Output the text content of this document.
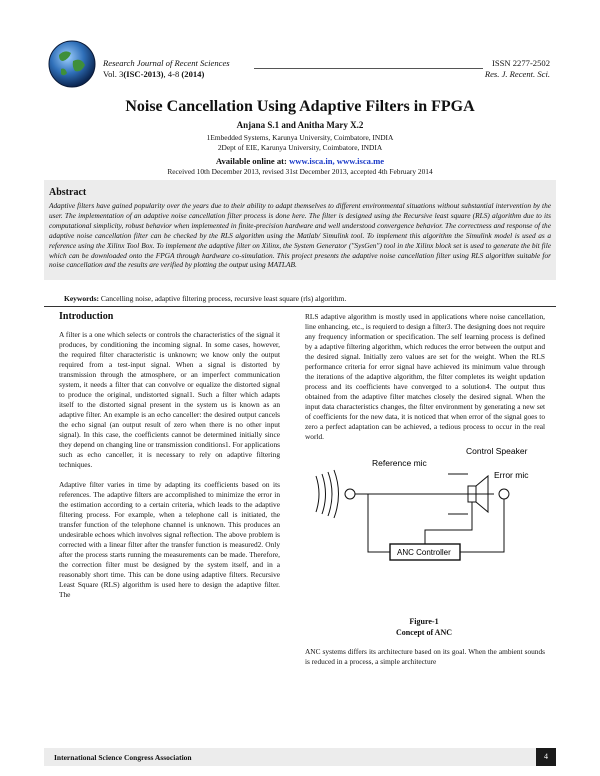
Research Journal of Recent Sciences
Vol. 3(ISC-2013), 4-8 (2014)
ISSN 2277-2502
Res. J. Recent. Sci.
Noise Cancellation Using Adaptive Filters in FPGA
Anjana S.1 and Anitha Mary X.2
1Embedded Systems, Karunya University, Coimbatore, INDIA
2Dept of EIE, Karunya University, Coimbatore, INDIA
Available online at: www.isca.in, www.isca.me
Received 10th December 2013, revised 31st December 2013, accepted 4th February 2014
Abstract

Adaptive filters have gained popularity over the years due to their ability to adapt themselves to different environmental situations without substantial intervention by the user. The implementation of an adaptive noise cancellation filter process is done here. The filter is designed using the Recursive least square (RLS) algorithm due to its computational simplicity, robust behavior when implemented in finite-precision hardware and well understood convergence behavior. The correctness and response of the adaptive noise cancellation filter can be checked by the RLS algorithm using the Matlab/ Simulink tool. To implement this algorithm the Simulink model is used as a reference using the Xilinx Tool Box. To implement the adaptive filter on Xilinx, the System Generator ("SysGen") tool in the Xilinx block set is used to generate the bit file which can be downloaded onto the FPGA through hardware co-simulation. This project presents the adaptive noise cancellation filter using RLS algorithm suitable for noise cancellation and the results are verified by plotting the output using MATLAB.

Keywords: Cancelling noise, adaptive filtering process, recursive least square (rls) algorithm.
Introduction

A filter is a one which selects or controls the characteristics of the signal it produces, by conditioning the incoming signal. In some cases, however, the required filter characteristic is unknown; we know only the output required from a test-input signal. When a signal is distorted by transmission through the atmosphere, or an imperfect communication system, it needs a filter that can convolve or equalize the distorted signal to produce the original, undistorted signal1. Such a filter which adapts itself to the distorted signal present in the system us is known as an adaptive filter. An example is an echo canceller: the desired output cancels the echo signal (an output result of zero when there is no other input signal). In this case, the coefficients cannot be determined initially since they depend on changing line or transmission conditions1. For applications such as echo canceller, it is necessary to rely on adaptive filtering techniques.

Adaptive filter varies in time by adapting its coefficients based on its references. The adaptive filters are accomplished to minimize the error in the estimation according to a certain criteria, which leads to the adaptive filtering process. For example, when a telephone call is initiated, the transfer function of the telephone channel is unknown. This produces an undesirable echoes which involves signal reflection. The above problem is corrected with a linear filter after the transfer function is measured2. Only after the process starts running the measurements can be made. Therefore, the correction filter must be designed by the system itself, and in a reasonably short time. This can be done using adaptive filters. Recursive Least Square (RLS) algorithm is used here to design the adaptive filter. The

RLS adaptive algorithm is mostly used in applications where noise cancellation, line enhancing, etc., is requierd to design a filter3. The designing does not require any frequency information or specification. The self learning process is defined by a adaptive filtering algorithm, which reduces the error between the output and the desired signal. Initially zero values are set for the weight. When the RLS performance criteria for error signal have achieved its minimum value through the iterations of the adaptive algorithm, the filter completes its weight updation process and its coefficients have converged to a solution4. The output thus obtained from the adaptive filter matches closely the desired signal. When the input data characteristics changes, the filter environment by generating a new set of coefficients for the new data, it is noticed that when error of the signal goes to zero a perfect adaptation can be achieved, a tedious process to occur in the real world.

Reference mic
Control Speaker
Error mic
ANC Controller
Figure-1
Concept of ANC
ANC systems differs its architecture based on its goal. When the ambient sounds is reduced in a process, a simple architecture
International Science Congress Association	4
